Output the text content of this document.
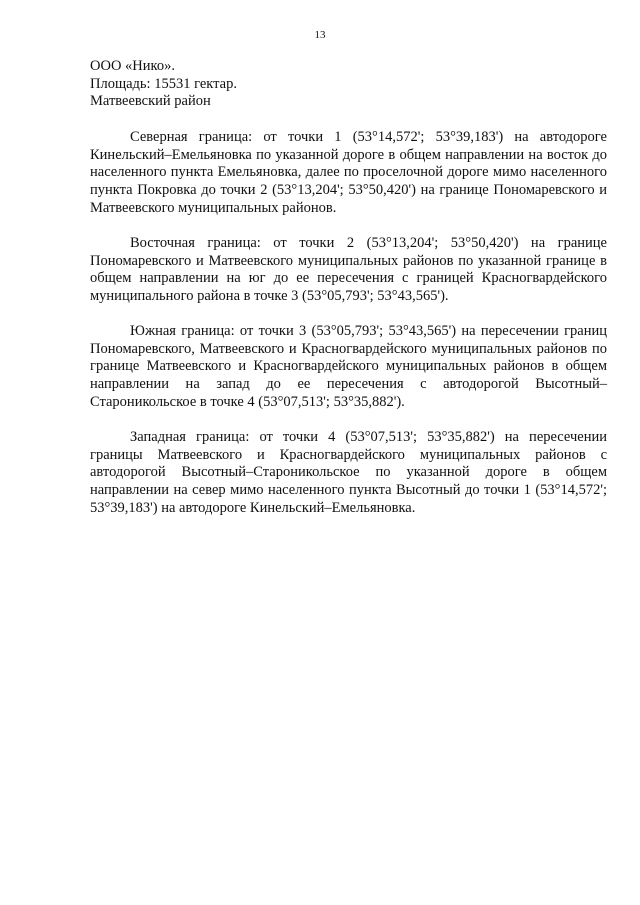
13
ООО «Нико».
Площадь: 15531 гектар.
Матвеевский район

Северная граница: от точки 1 (53°14,572'; 53°39,183') на автодороге Кинельский–Емельяновка по указанной дороге в общем направлении на восток до населенного пункта Емельяновка, далее по проселочной дороге мимо населенного пункта Покровка до точки 2 (53°13,204'; 53°50,420') на границе Пономаревского и Матвеевского муниципальных районов.

Восточная граница: от точки 2 (53°13,204'; 53°50,420') на границе Пономаревского и Матвеевского муниципальных районов по указанной границе в общем направлении на юг до ее пересечения с границей Красногвардейского муниципального района в точке 3 (53°05,793'; 53°43,565').

Южная граница: от точки 3 (53°05,793'; 53°43,565') на пересечении границ Пономаревского, Матвеевского и Красногвардейского муниципальных районов по границе Матвеевского и Красногвардейского муниципальных районов в общем направлении на запад до ее пересечения с автодорогой Высотный–Староникольское в точке 4 (53°07,513'; 53°35,882').

Западная граница: от точки 4 (53°07,513'; 53°35,882') на пересечении границы Матвеевского и Красногвардейского муниципальных районов с автодорогой Высотный–Староникольское по указанной дороге в общем направлении на север мимо населенного пункта Высотный до точки 1 (53°14,572'; 53°39,183') на автодороге Кинельский–Емельяновка.
